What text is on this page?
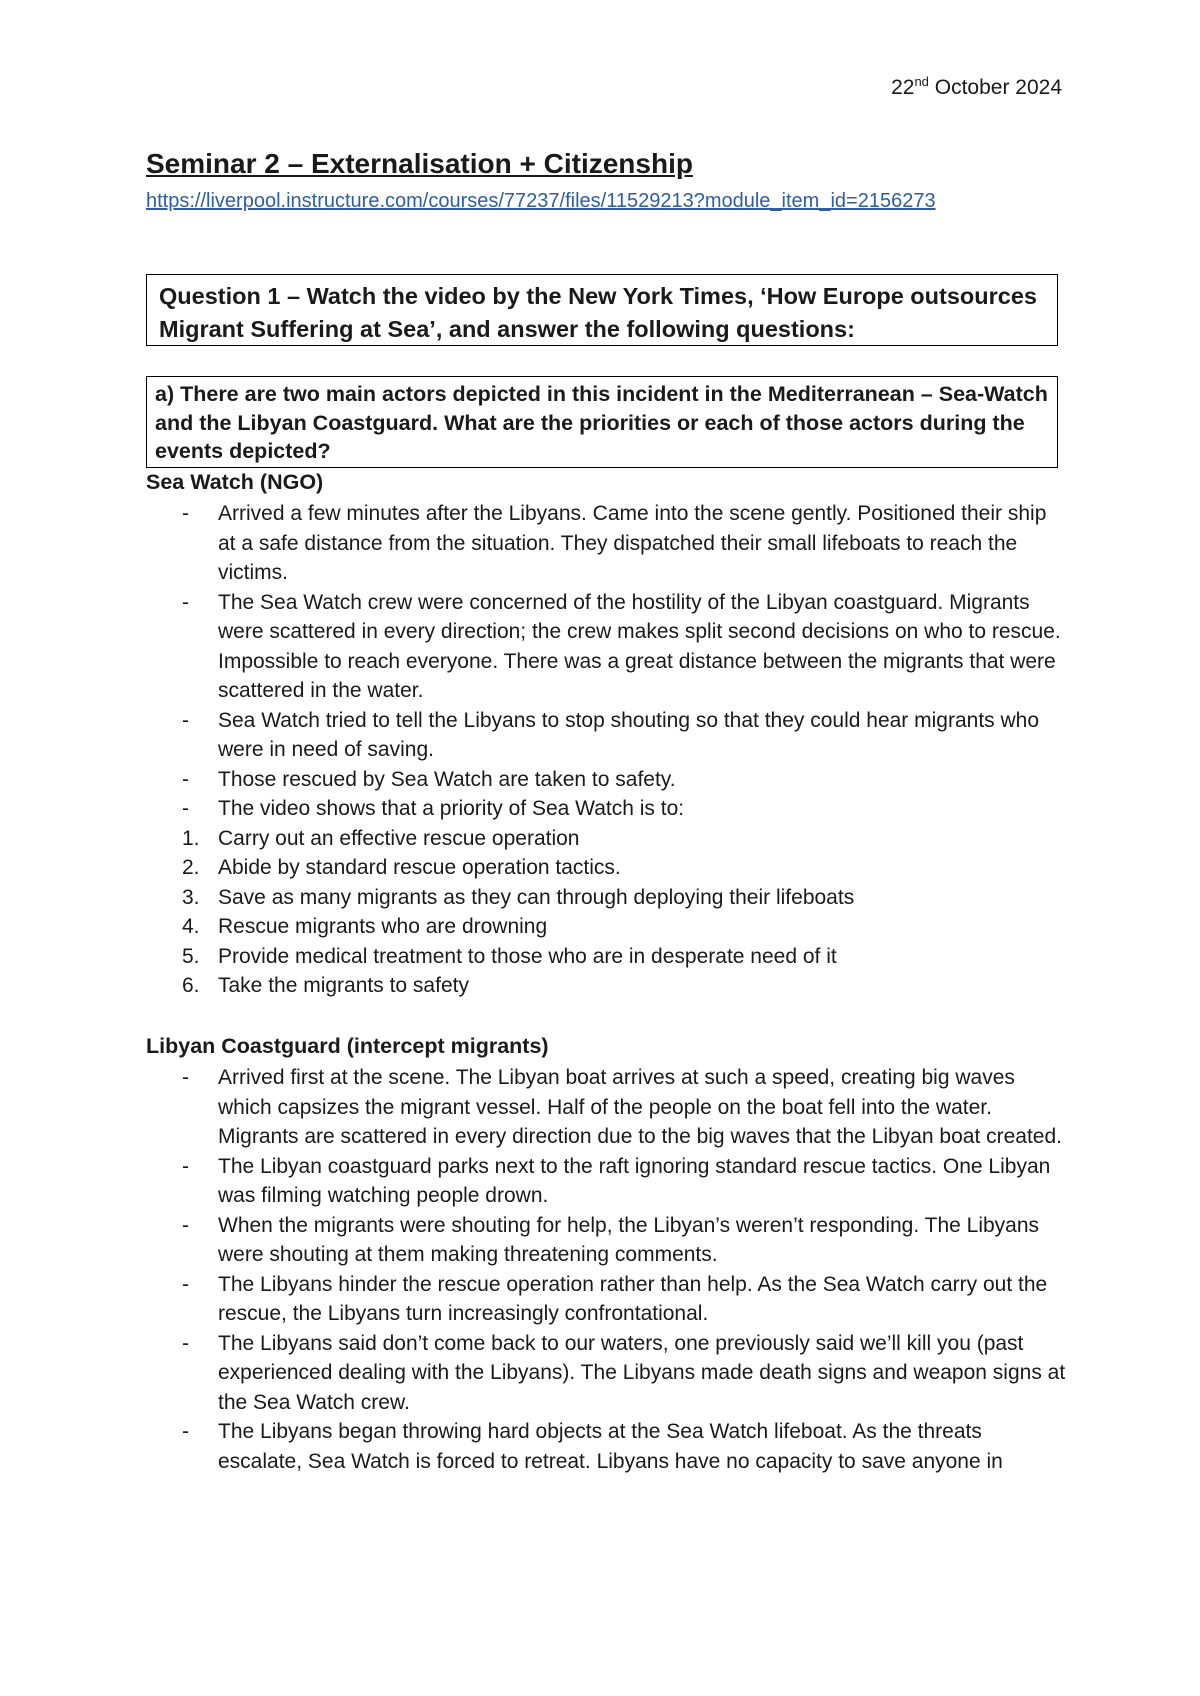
22nd October 2024
Seminar 2 – Externalisation + Citizenship
https://liverpool.instructure.com/courses/77237/files/11529213?module_item_id=2156273
Question 1 – Watch the video by the New York Times, ‘How Europe outsources Migrant Suffering at Sea’, and answer the following questions:
a) There are two main actors depicted in this incident in the Mediterranean – Sea-Watch and the Libyan Coastguard. What are the priorities or each of those actors during the events depicted?
Sea Watch (NGO)
- Arrived a few minutes after the Libyans. Came into the scene gently. Positioned their ship at a safe distance from the situation. They dispatched their small lifeboats to reach the victims.
- The Sea Watch crew were concerned of the hostility of the Libyan coastguard. Migrants were scattered in every direction; the crew makes split second decisions on who to rescue. Impossible to reach everyone. There was a great distance between the migrants that were scattered in the water.
- Sea Watch tried to tell the Libyans to stop shouting so that they could hear migrants who were in need of saving.
- Those rescued by Sea Watch are taken to safety.
- The video shows that a priority of Sea Watch is to:
1. Carry out an effective rescue operation
2. Abide by standard rescue operation tactics.
3. Save as many migrants as they can through deploying their lifeboats
4. Rescue migrants who are drowning
5. Provide medical treatment to those who are in desperate need of it
6. Take the migrants to safety
Libyan Coastguard (intercept migrants)
- Arrived first at the scene. The Libyan boat arrives at such a speed, creating big waves which capsizes the migrant vessel. Half of the people on the boat fell into the water. Migrants are scattered in every direction due to the big waves that the Libyan boat created.
- The Libyan coastguard parks next to the raft ignoring standard rescue tactics. One Libyan was filming watching people drown.
- When the migrants were shouting for help, the Libyan’s weren’t responding. The Libyans were shouting at them making threatening comments.
- The Libyans hinder the rescue operation rather than help. As the Sea Watch carry out the rescue, the Libyans turn increasingly confrontational.
- The Libyans said don’t come back to our waters, one previously said we’ll kill you (past experienced dealing with the Libyans). The Libyans made death signs and weapon signs at the Sea Watch crew.
- The Libyans began throwing hard objects at the Sea Watch lifeboat. As the threats escalate, Sea Watch is forced to retreat. Libyans have no capacity to save anyone in
